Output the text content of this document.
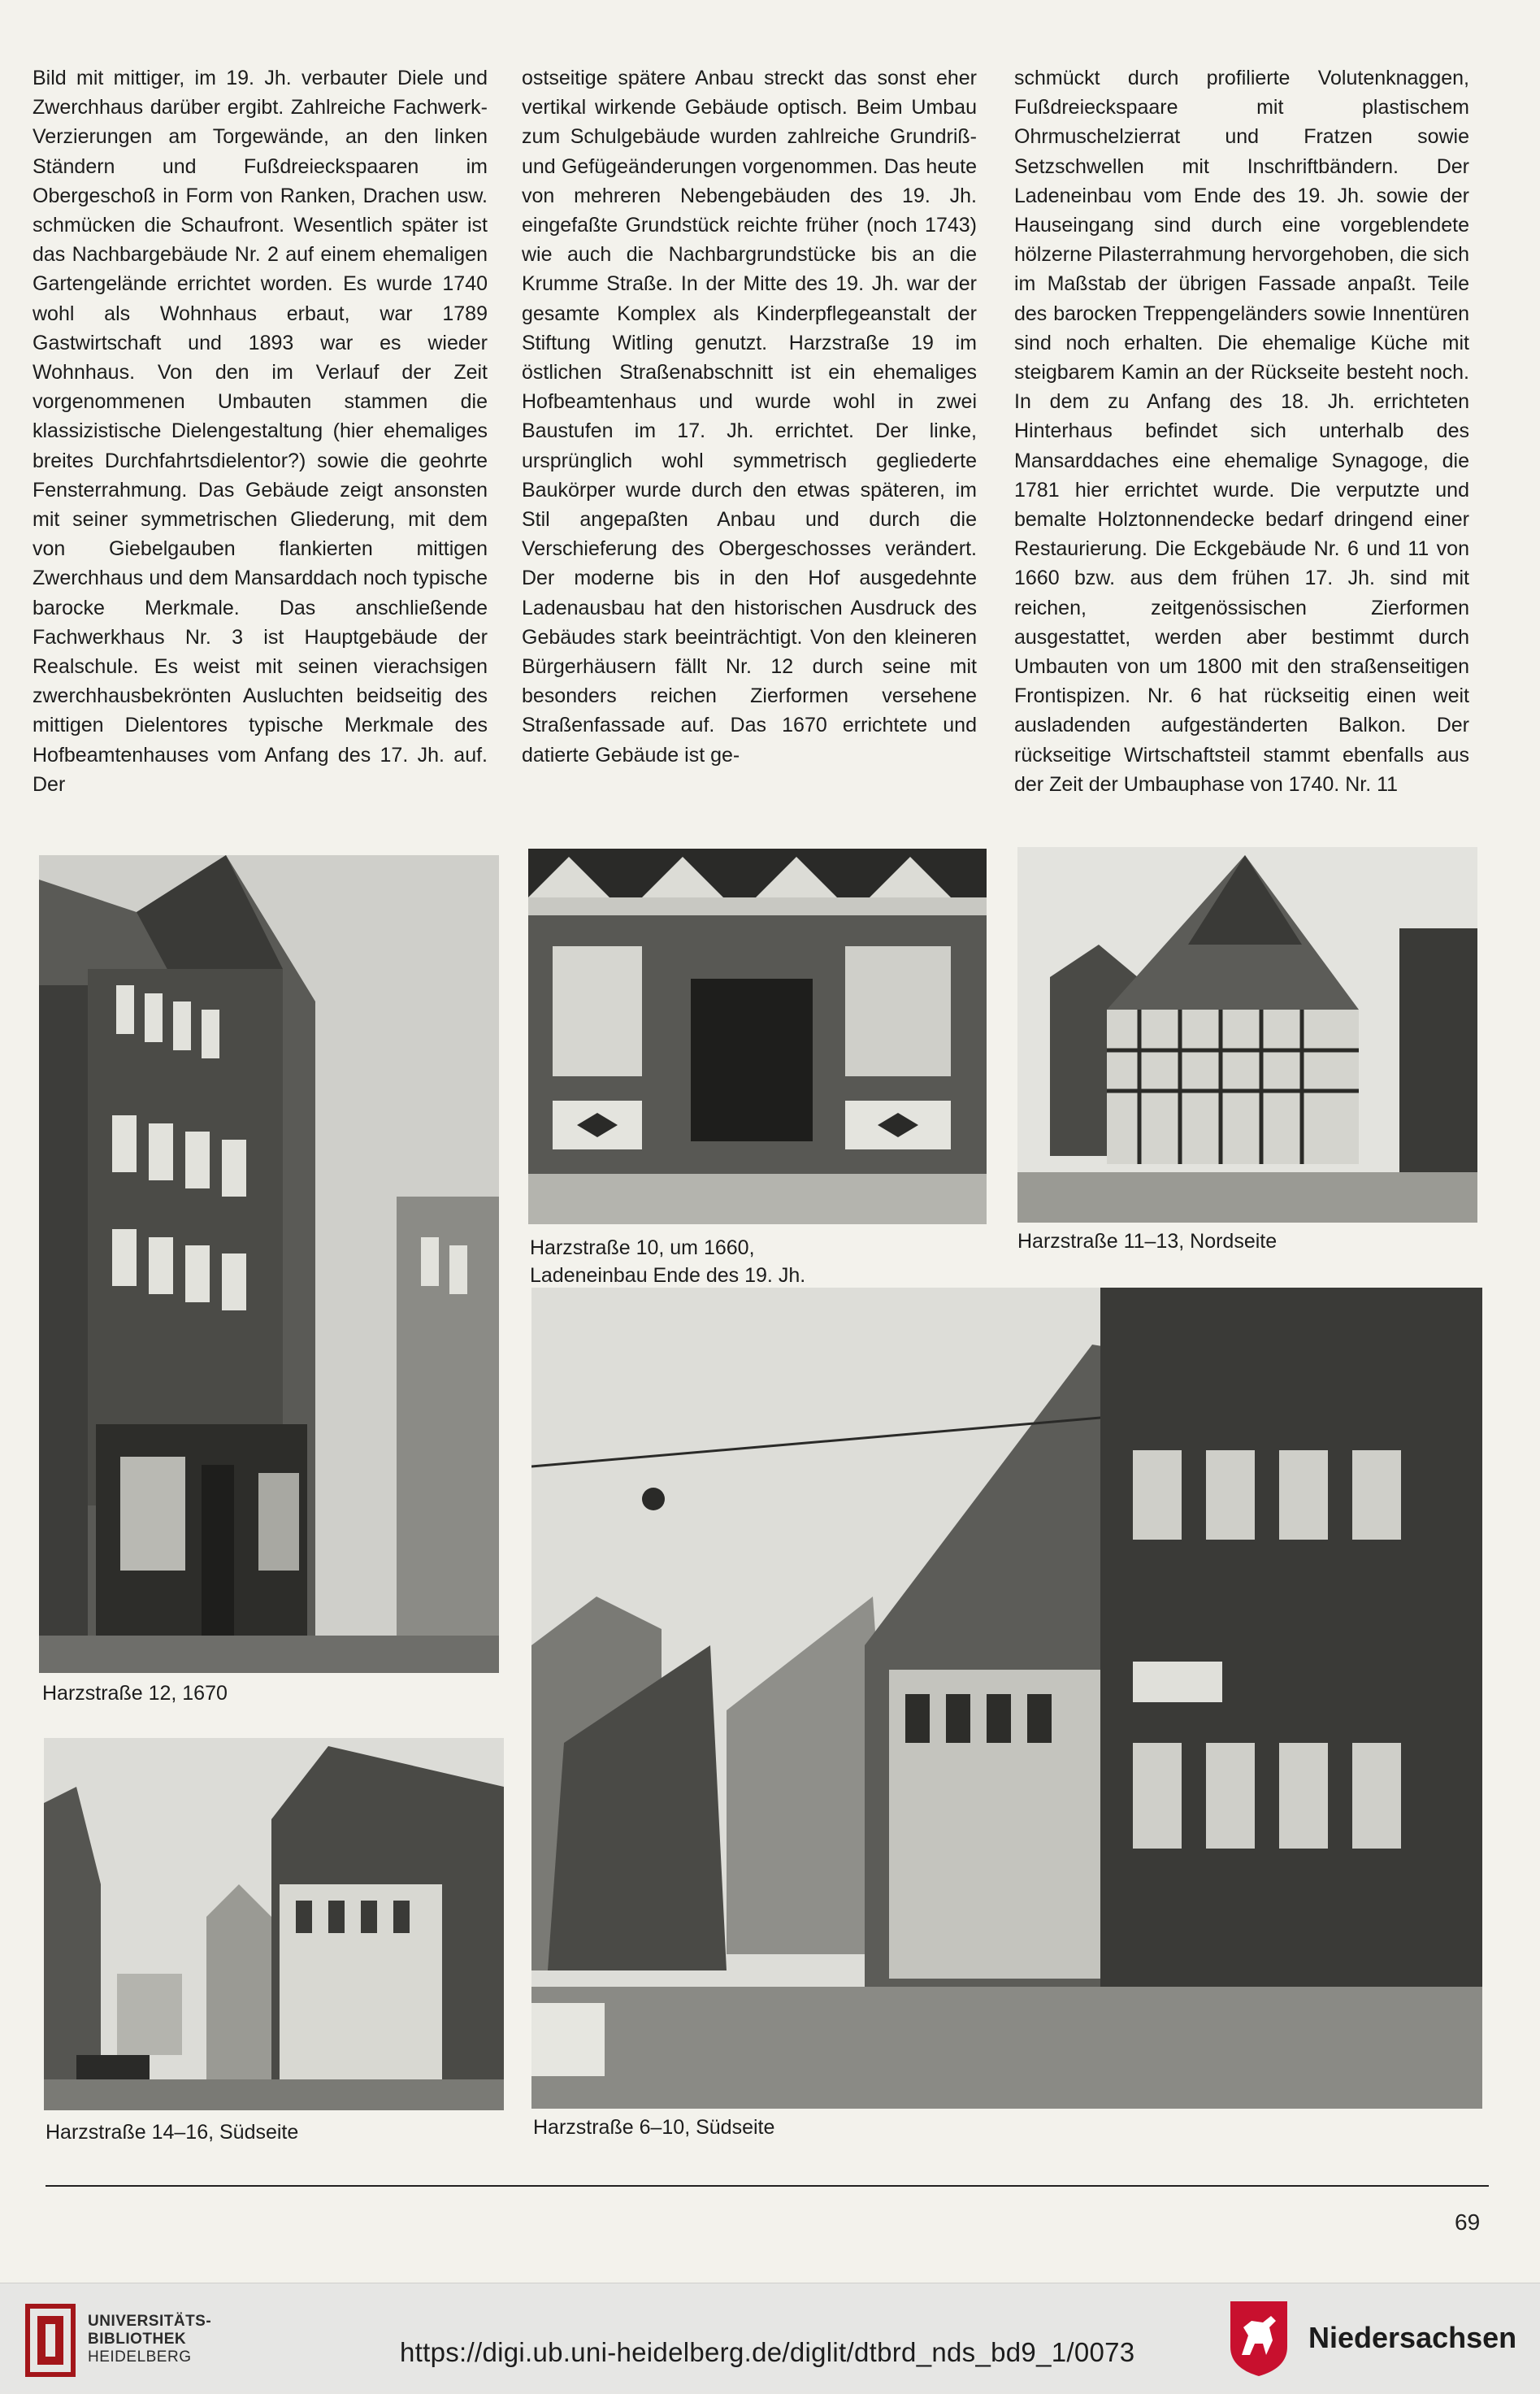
Bild mit mittiger, im 19. Jh. verbauter Diele und Zwerchhaus darüber ergibt. Zahlreiche Fachwerk-Verzierungen am Torgewände, an den linken Ständern und Fußdreieckspaaren im Obergeschoß in Form von Ranken, Drachen usw. schmücken die Schaufront. Wesentlich später ist das Nachbargebäude Nr. 2 auf einem ehemaligen Gartengelände errichtet worden. Es wurde 1740 wohl als Wohnhaus erbaut, war 1789 Gastwirtschaft und 1893 war es wieder Wohnhaus. Von den im Verlauf der Zeit vorgenommenen Umbauten stammen die klassizistische Dielengestaltung (hier ehemaliges breites Durchfahrtsdielentor?) sowie die geohrte Fensterrahmung. Das Gebäude zeigt ansonsten mit seiner symmetrischen Gliederung, mit dem von Giebelgauben flankierten mittigen Zwerchhaus und dem Mansarddach noch typische barocke Merkmale. Das anschließende Fachwerkhaus Nr. 3 ist Hauptgebäude der Realschule. Es weist mit seinen vierachsigen zwerchhausbekrönten Ausluchten beidseitig des mittigen Dielentores typische Merkmale des Hofbeamtenhauses vom Anfang des 17. Jh. auf. Der

ostseitige spätere Anbau streckt das sonst eher vertikal wirkende Gebäude optisch. Beim Umbau zum Schulgebäude wurden zahlreiche Grundriß- und Gefügeänderungen vorgenommen. Das heute von mehreren Nebengebäuden des 19. Jh. eingefaßte Grundstück reichte früher (noch 1743) wie auch die Nachbargrundstücke bis an die Krumme Straße. In der Mitte des 19. Jh. war der gesamte Komplex als Kinderpflegeanstalt der Stiftung Witling genutzt. Harzstraße 19 im östlichen Straßenabschnitt ist ein ehemaliges Hofbeamtenhaus und wurde wohl in zwei Baustufen im 17. Jh. errichtet. Der linke, ursprünglich wohl symmetrisch gegliederte Baukörper wurde durch den etwas späteren, im Stil angepaßten Anbau und durch die Verschieferung des Obergeschosses verändert. Der moderne bis in den Hof ausgedehnte Ladenausbau hat den historischen Ausdruck des Gebäudes stark beeinträchtigt. Von den kleineren Bürgerhäusern fällt Nr. 12 durch seine mit besonders reichen Zierformen versehene Straßenfassade auf. Das 1670 errichtete und datierte Gebäude ist ge-

schmückt durch profilierte Volutenknaggen, Fußdreieckspaare mit plastischem Ohrmuschelzierrat und Fratzen sowie Setzschwellen mit Inschriftbändern. Der Ladeneinbau vom Ende des 19. Jh. sowie der Hauseingang sind durch eine vorgeblendete hölzerne Pilasterrahmung hervorgehoben, die sich im Maßstab der übrigen Fassade anpaßt. Teile des barocken Treppengeländers sowie Innentüren sind noch erhalten. Die ehemalige Küche mit steigbarem Kamin an der Rückseite besteht noch. In dem zu Anfang des 18. Jh. errichteten Hinterhaus befindet sich unterhalb des Mansarddaches eine ehemalige Synagoge, die 1781 hier errichtet wurde. Die verputzte und bemalte Holztonnendecke bedarf dringend einer Restaurierung. Die Eckgebäude Nr. 6 und 11 von 1660 bzw. aus dem frühen 17. Jh. sind mit reichen, zeitgenössischen Zierformen ausgestattet, werden aber bestimmt durch Umbauten von um 1800 mit den straßenseitigen Frontispizen. Nr. 6 hat rückseitig einen weit ausladenden aufgeständerten Balkon. Der rückseitige Wirtschaftsteil stammt ebenfalls aus der Zeit der Umbauphase von 1740. Nr. 11

Harzstraße 12, 1670
Harzstraße 10, um 1660,
Ladeneinbau Ende des 19. Jh.
Harzstraße 11–13, Nordseite
Harzstraße 14–16, Südseite	Harzstraße 6–10, Südseite
69
UNIVERSITÄTS-
BIBLIOTHEK
HEIDELBERG	https://digi.ub.uni-heidelberg.de/diglit/dtbrd_nds_bd9_1/0073	Niedersachsen
